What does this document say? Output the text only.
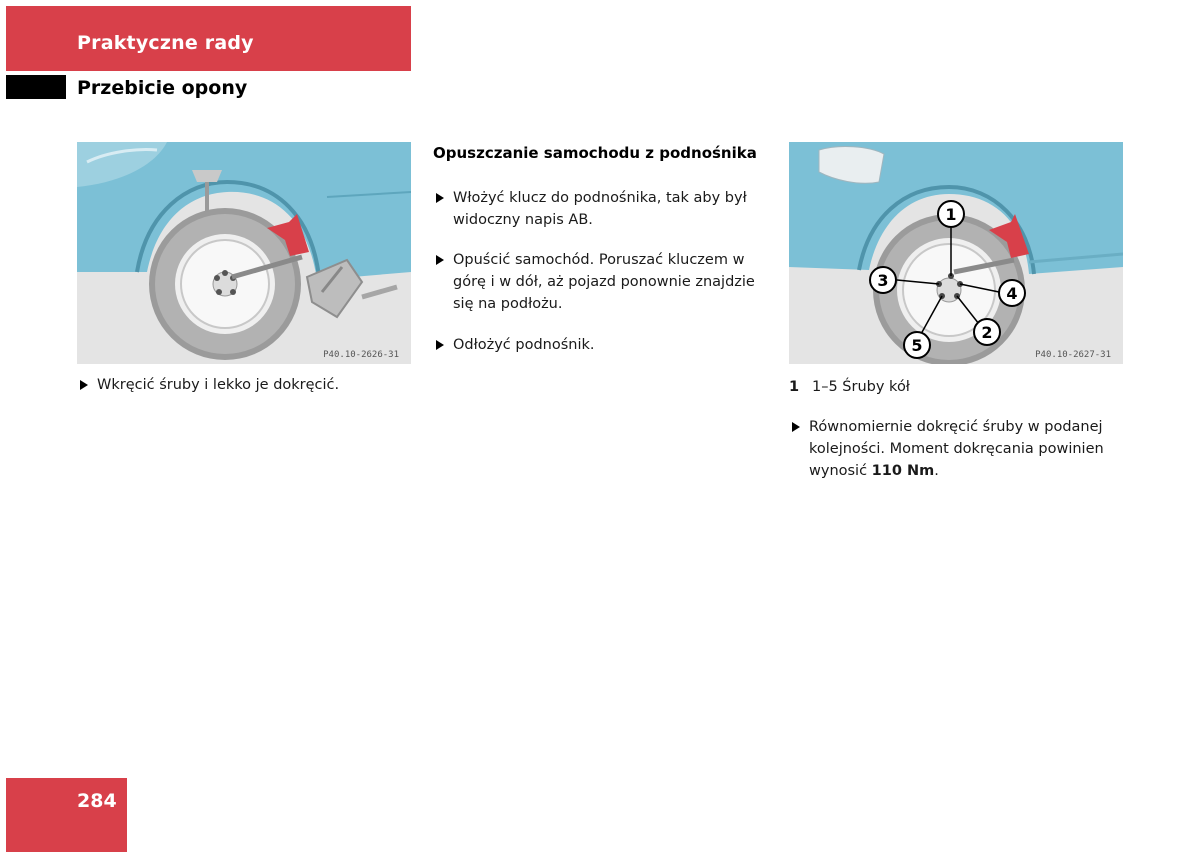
Praktyczne rady
Przebicie opony
P40.10-2626-31
1
3
4
2
5	P40.10-2627-31
Wkręcić śruby i lekko je dokręcić.
Opuszczanie samochodu z podnośnika
Włożyć klucz do podnośnika, tak aby był widoczny napis AB.
Opuścić samochód. Poruszać kluczem w górę i w dół, aż pojazd ponownie znajdzie się na podłożu.
Odłożyć podnośnik.
1 1–5 Śruby kół
Równomiernie dokręcić śruby w podanej kolejności. Moment dokręcania powinien wynosić 110 Nm.
284
